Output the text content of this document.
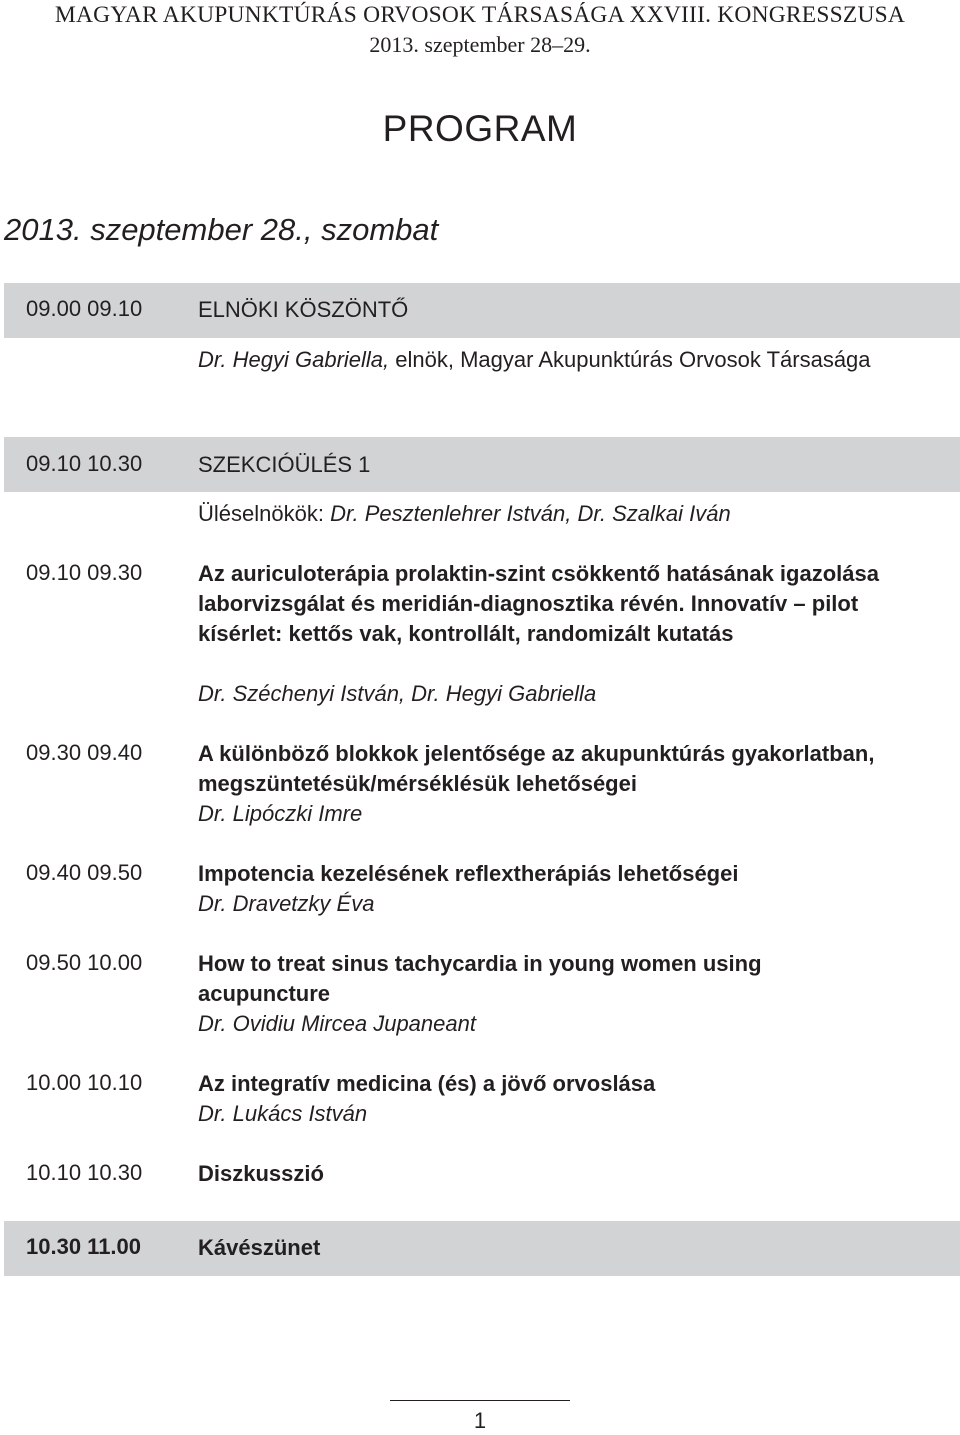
MAGYAR AKUPUNKTÚRÁS ORVOSOK TÁRSASÁGA XXVIII. KONGRESSZUSA
2013. szeptember 28–29.
PROGRAM
2013. szeptember 28., szombat
09.00 09.10	ELNÖKI KÖSZÖNTŐ
Dr. Hegyi Gabriella, elnök, Magyar Akupunktúrás Orvosok Társasága
09.10 10.30	SZEKCIÓÜLÉS 1
Üléselnökök: Dr. Pesztenlehrer István, Dr. Szalkai Iván
09.10 09.30	Az auriculoterápia prolaktin-szint csökkentő hatásának igazolása laborvizsgálat és meridián-diagnosztika révén. Innovatív – pilot kísérlet: kettős vak, kontrollált, randomizált kutatás
Dr. Széchenyi István, Dr. Hegyi Gabriella
09.30 09.40	A különböző blokkok jelentősége az akupunktúrás gyakorlatban, megszüntetésük/mérséklésük lehetőségei
Dr. Lipóczki Imre
09.40 09.50	Impotencia kezelésének reflextherápiás lehetőségei
Dr. Dravetzky Éva
09.50 10.00	How to treat sinus tachycardia in young women using acupuncture
Dr. Ovidiu Mircea Jupaneant
10.00 10.10	Az integratív medicina (és) a jövő orvoslása
Dr. Lukács István
10.10 10.30	Diszkusszió
10.30 11.00	Kávészünet
1
